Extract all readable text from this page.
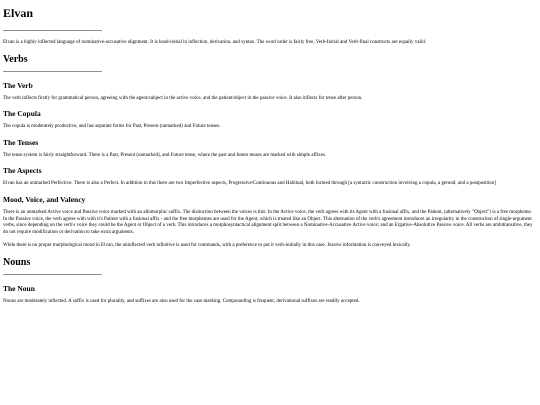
Elvan
================================================
Elvan is a highly inflected language of nominative-accusative alignment. It is head-initial in inflection, derivation, and syntax. The word order is fairly free, Verb-Initial and Verb-final constructs are equally valid.
Verbs
================================================
The Verb
The verb inflects firstly for grammatical person, agreeing with the agent/subject in the active voice, and the patient/object in the passive voice. It also inflects for tense after person.
The Copula
The copula is moderately productive, and has separate forms for Past, Present (unmarked) and Future tenses.
The Tenses
The tense system is fairly straightforward. There is a Past, Present (unmarked), and Future tense, where the past and future tenses are marked with simple affixes.
The Aspects
Elvan has an unmarked Perfective. There is also a Perfect. In addition to this there are two Imperfective aspects, Progressive/Continuous and Habitual, both formed through [a syntactic construction involving a copula, a gerund, and a postposition]
Mood, Voice, and Valency
There is an unmarked Active voice and Passive voice marked with an allomorphic suffix. The distinction between the voices is this: In the Active voice, the verb agrees with its Agent with a fusional affix, and the Patient, (alternatively "Object") is a free morpheme. In the Passive voice, the verb agrees with with it's Patient with a fusional affix - and the free morphemes are used for the Agent, which is treated like an Object. This alternation of the verb's agreement introduces an irregularity in the construction of single-argument verbs, since depending on the verb's voice they could be the Agent or Object of a verb. This introduces a morphosyntactical alignment split between a Nominative-Accusative Active voice; and an Ergative-Absolutive Passive voice. All verbs are ambitransitive, they do not require modification or derivation to take extra arguments.
While there is no proper morphological mood in Elvan, the uninflected verb infinitive is used for commands, with a preference to put it verb-initially in this case. Jussive information is conveyed lexically.
Nouns
================================================
The Noun
Nouns are moderately inflected. A suffix is used for plurality, and suffixes are also used for the case marking. Compounding is frequent, derivational suffixes are readily accepted.
